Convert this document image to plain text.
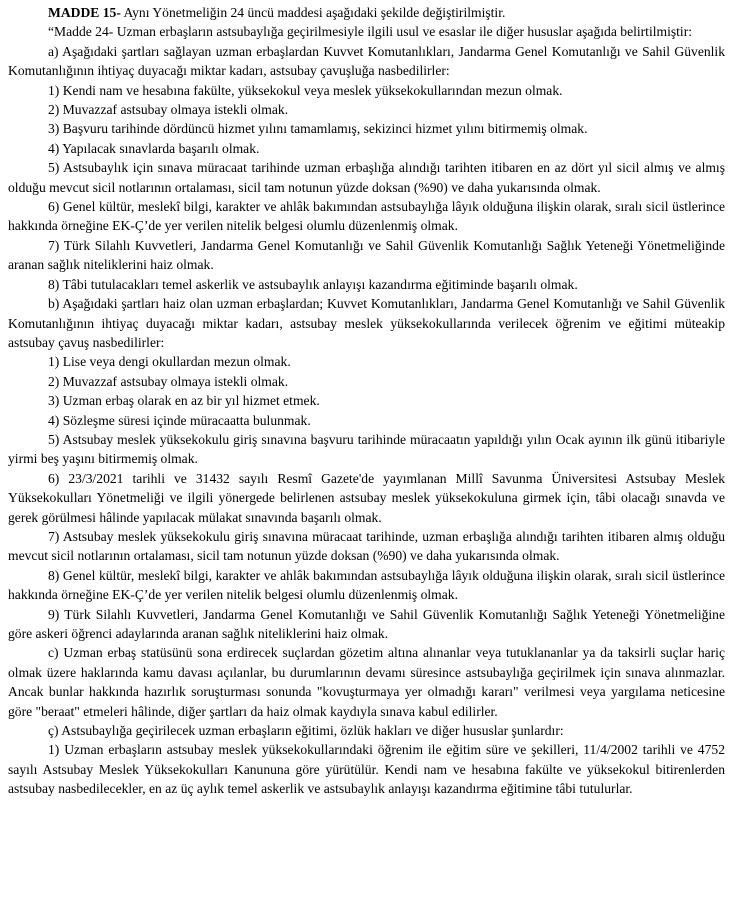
MADDE 15- Aynı Yönetmeliğin 24 üncü maddesi aşağıdaki şekilde değiştirilmiştir.

“Madde 24- Uzman erbaşların astsubaylığa geçirilmesiyle ilgili usul ve esaslar ile diğer hususlar aşağıda belirtilmiştir:

a) Aşağıdaki şartları sağlayan uzman erbaşlardan Kuvvet Komutanlıkları, Jandarma Genel Komutanlığı ve Sahil Güvenlik Komutanlığının ihtiyaç duyacağı miktar kadarı, astsubay çavuşluğa nasbedilirler:

1) Kendi nam ve hesabına fakülte, yüksekokul veya meslek yüksekokullarından mezun olmak.

2) Muvazzaf astsubay olmaya istekli olmak.

3) Başvuru tarihinde dördüncü hizmet yılını tamamlamış, sekizinci hizmet yılını bitirmemiş olmak.

4) Yapılacak sınavlarda başarılı olmak.

5) Astsubaylık için sınava müracaat tarihinde uzman erbaşlığa alındığı tarihten itibaren en az dört yıl sicil almış ve almış olduğu mevcut sicil notlarının ortalaması, sicil tam notunun yüzde doksan (%90) ve daha yukarısında olmak.

6) Genel kültür, meslekî bilgi, karakter ve ahlâk bakımından astsubaylığa lâyık olduğuna ilişkin olarak, sıralı sicil üstlerince hakkında örneğine EK-Ç’de yer verilen nitelik belgesi olumlu düzenlenmiş olmak.

7) Türk Silahlı Kuvvetleri, Jandarma Genel Komutanlığı ve Sahil Güvenlik Komutanlığı Sağlık Yeteneği Yönetmeliğinde aranan sağlık niteliklerini haiz olmak.

8) Tâbi tutulacakları temel askerlik ve astsubaylık anlayışı kazandırma eğitiminde başarılı olmak.

b) Aşağıdaki şartları haiz olan uzman erbaşlardan; Kuvvet Komutanlıkları, Jandarma Genel Komutanlığı ve Sahil Güvenlik Komutanlığının ihtiyaç duyacağı miktar kadarı, astsubay meslek yüksekokullarında verilecek öğrenim ve eğitimi müteakip astsubay çavuş nasbedilirler:

1) Lise veya dengi okullardan mezun olmak.

2) Muvazzaf astsubay olmaya istekli olmak.

3) Uzman erbaş olarak en az bir yıl hizmet etmek.

4) Sözleşme süresi içinde müracaatta bulunmak.

5) Astsubay meslek yüksekokulu giriş sınavına başvuru tarihinde müracaatın yapıldığı yılın Ocak ayının ilk günü itibariyle yirmi beş yaşını bitirmemiş olmak.

6) 23/3/2021 tarihli ve 31432 sayılı Resmî Gazete'de yayımlanan Millî Savunma Üniversitesi Astsubay Meslek Yüksekokulları Yönetmeliği ve ilgili yönergede belirlenen astsubay meslek yüksekokuluna girmek için, tâbi olacağı sınavda ve gerek görülmesi hâlinde yapılacak mülakat sınavında başarılı olmak.

7) Astsubay meslek yüksekokulu giriş sınavına müracaat tarihinde, uzman erbaşlığa alındığı tarihten itibaren almış olduğu mevcut sicil notlarının ortalaması, sicil tam notunun yüzde doksan (%90) ve daha yukarısında olmak.

8) Genel kültür, meslekî bilgi, karakter ve ahlâk bakımından astsubaylığa lâyık olduğuna ilişkin olarak, sıralı sicil üstlerince hakkında örneğine EK-Ç’de yer verilen nitelik belgesi olumlu düzenlenmiş olmak.

9) Türk Silahlı Kuvvetleri, Jandarma Genel Komutanlığı ve Sahil Güvenlik Komutanlığı Sağlık Yeteneği Yönetmeliğine göre askeri öğrenci adaylarında aranan sağlık niteliklerini haiz olmak.

c) Uzman erbaş statüsünü sona erdirecek suçlardan gözetim altına alınanlar veya tutuklananlar ya da taksirli suçlar hariç olmak üzere haklarında kamu davası açılanlar, bu durumlarının devamı süresince astsubaylığa geçirilmek için sınava alınmazlar. Ancak bunlar hakkında hazırlık soruşturması sonunda "kovuşturmaya yer olmadığı kararı" verilmesi veya yargılama neticesine göre "beraat" etmeleri hâlinde, diğer şartları da haiz olmak kaydıyla sınava kabul edilirler.

ç) Astsubaylığa geçirilecek uzman erbaşların eğitimi, özlük hakları ve diğer hususlar şunlardır:

1) Uzman erbaşların astsubay meslek yüksekokullarındaki öğrenim ile eğitim süre ve şekilleri, 11/4/2002 tarihli ve 4752 sayılı Astsubay Meslek Yüksekokulları Kanununa göre yürütülür. Kendi nam ve hesabına fakülte ve yüksekokul bitirenlerden astsubay nasbedilecekler, en az üç aylık temel askerlik ve astsubaylık anlayışı kazandırma eğitimine tâbi tutulurlar.
